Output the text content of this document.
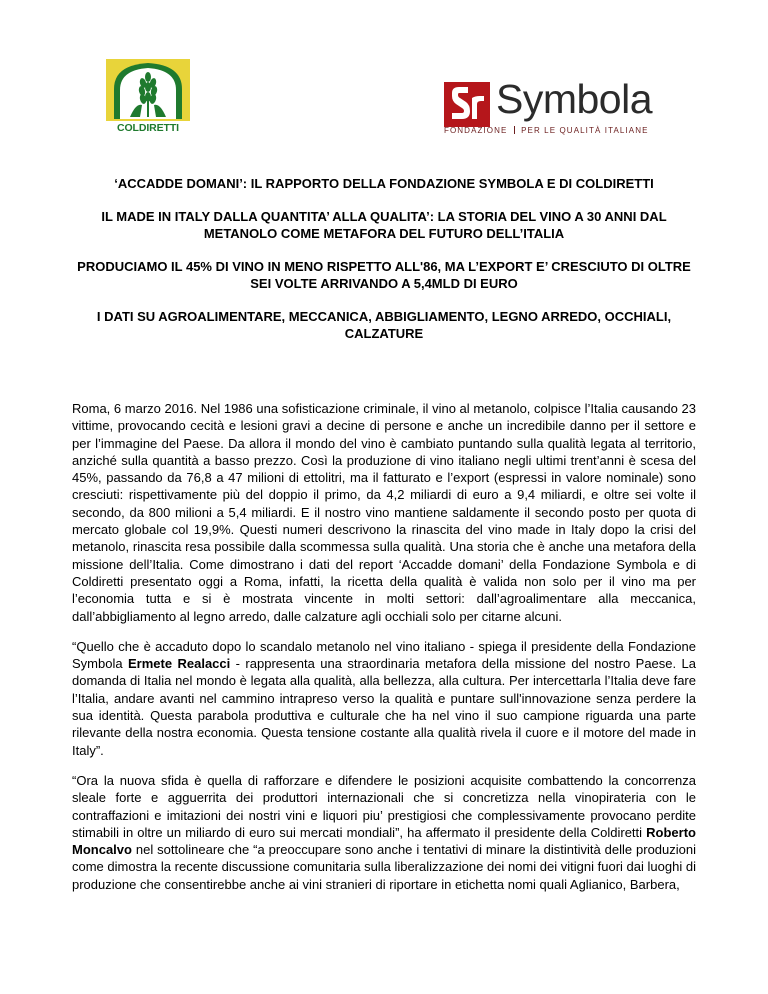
COLDIRETTI
Symbola
FONDAZIONE PER LE QUALITÀ ITALIANE
‘ACCADDE DOMANI’: IL RAPPORTO DELLA FONDAZIONE SYMBOLA E DI COLDIRETTI
IL MADE IN ITALY DALLA QUANTITA’ ALLA QUALITA’: LA STORIA DEL VINO A 30 ANNI DAL METANOLO COME METAFORA DEL FUTURO DELL’ITALIA
PRODUCIAMO IL 45% DI VINO IN MENO RISPETTO ALL'86, MA L’EXPORT E’ CRESCIUTO DI OLTRE SEI VOLTE ARRIVANDO A 5,4MLD DI EURO
I DATI SU AGROALIMENTARE, MECCANICA, ABBIGLIAMENTO, LEGNO ARREDO, OCCHIALI, CALZATURE

Roma, 6 marzo 2016. Nel 1986 una sofisticazione criminale, il vino al metanolo, colpisce l’Italia causando 23 vittime, provocando cecità e lesioni gravi a decine di persone e anche un incredibile danno per il settore e per l’immagine del Paese. Da allora il mondo del vino è cambiato puntando sulla qualità legata al territorio, anziché sulla quantità a basso prezzo. Così la produzione di vino italiano negli ultimi trent’anni è scesa del 45%, passando da 76,8 a 47 milioni di ettolitri, ma il fatturato e l’export (espressi in valore nominale) sono cresciuti: rispettivamente più del doppio il primo, da 4,2 miliardi di euro a 9,4 miliardi, e oltre sei volte il secondo, da 800 milioni a 5,4 miliardi. E il nostro vino mantiene saldamente il secondo posto per quota di mercato globale col 19,9%. Questi numeri descrivono la rinascita del vino made in Italy dopo la crisi del metanolo, rinascita resa possibile dalla scommessa sulla qualità. Una storia che è anche una metafora della missione dell’Italia. Come dimostrano i dati del report ‘Accadde domani’ della Fondazione Symbola e di Coldiretti presentato oggi a Roma, infatti, la ricetta della qualità è valida non solo per il vino ma per l’economia tutta e si è mostrata vincente in molti settori: dall’agroalimentare alla meccanica, dall’abbigliamento al legno arredo, dalle calzature agli occhiali solo per citarne alcuni.

“Quello che è accaduto dopo lo scandalo metanolo nel vino italiano - spiega il presidente della Fondazione Symbola Ermete Realacci - rappresenta una straordinaria metafora della missione del nostro Paese. La domanda di Italia nel mondo è legata alla qualità, alla bellezza, alla cultura. Per intercettarla l’Italia deve fare l’Italia, andare avanti nel cammino intrapreso verso la qualità e puntare sull'innovazione senza perdere la sua identità. Questa parabola produttiva e culturale che ha nel vino il suo campione riguarda una parte rilevante della nostra economia. Questa tensione costante alla qualità rivela il cuore e il motore del made in Italy”.

“Ora la nuova sfida è quella di rafforzare e difendere le posizioni acquisite combattendo la concorrenza sleale forte e agguerrita dei produttori internazionali che si concretizza nella vinopirateria con le contraffazioni e imitazioni dei nostri vini e liquori piu’ prestigiosi che complessivamente provocano perdite stimabili in oltre un miliardo di euro sui mercati mondiali”, ha affermato il presidente della Coldiretti Roberto Moncalvo nel sottolineare che “a preoccupare sono anche i tentativi di minare la distintività delle produzioni come dimostra la recente discussione comunitaria sulla liberalizzazione dei nomi dei vitigni fuori dai luoghi di produzione che consentirebbe anche ai vini stranieri di riportare in etichetta nomi quali Aglianico, Barbera,
